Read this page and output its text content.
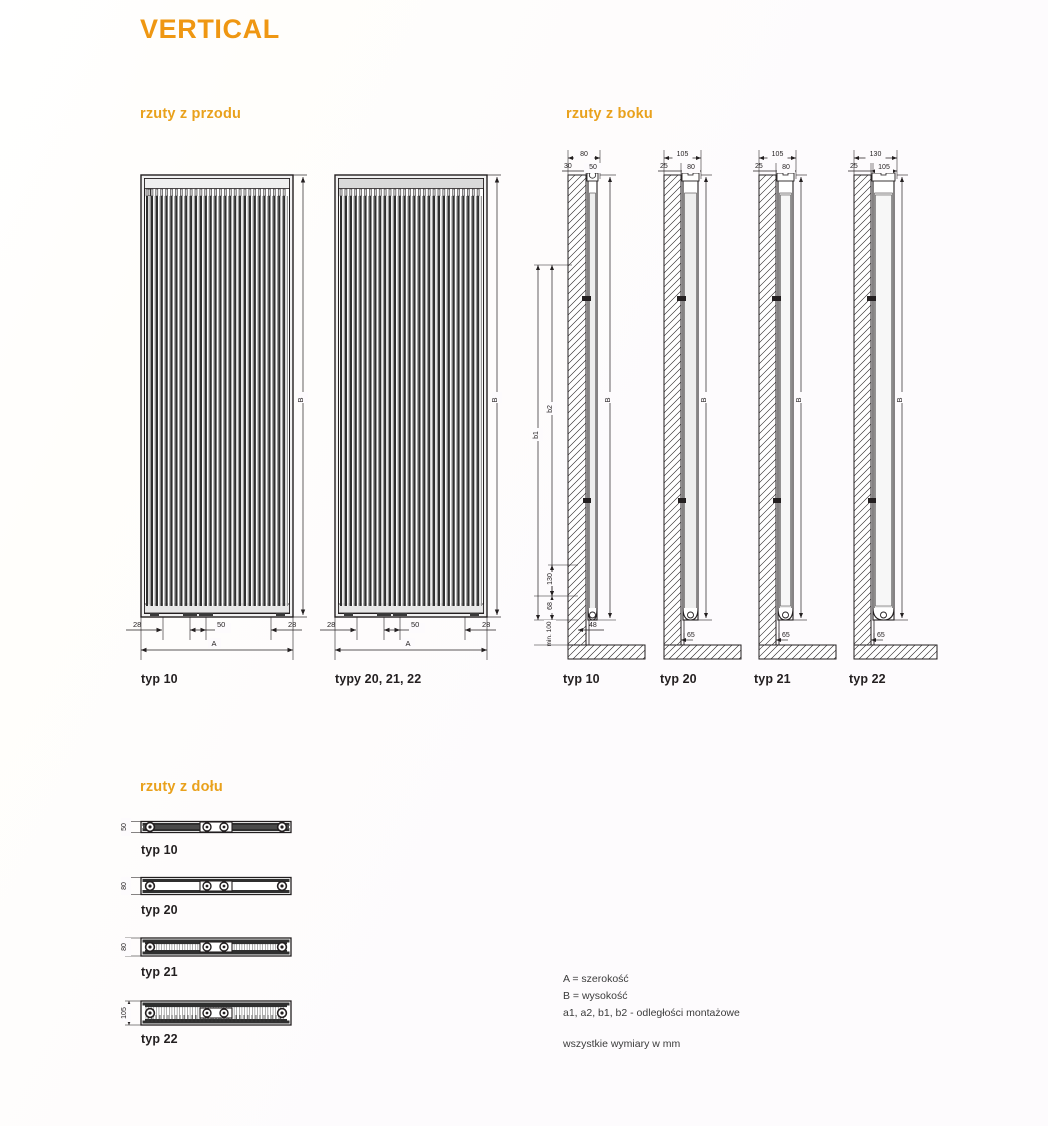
VERTICAL
rzuty z przodu	rzuty z boku
rzuty z dołu
B
28	50	28
A
B
28	50	28
A
30 50
80
B
25	80
105
B
65
25	80
105
B
65
25	105
130
B
65
b1
b2
130
68
min. 100	48
50
80
80
105
typ 10	typy 20, 21, 22	typ 10	typ 20	typ 21	typ 22
typ 10
typ 20
typ 21
typ 22
A = szerokość
B = wysokość
a1, a2, b1, b2 - odległości montażowe
wszystkie wymiary w mm
